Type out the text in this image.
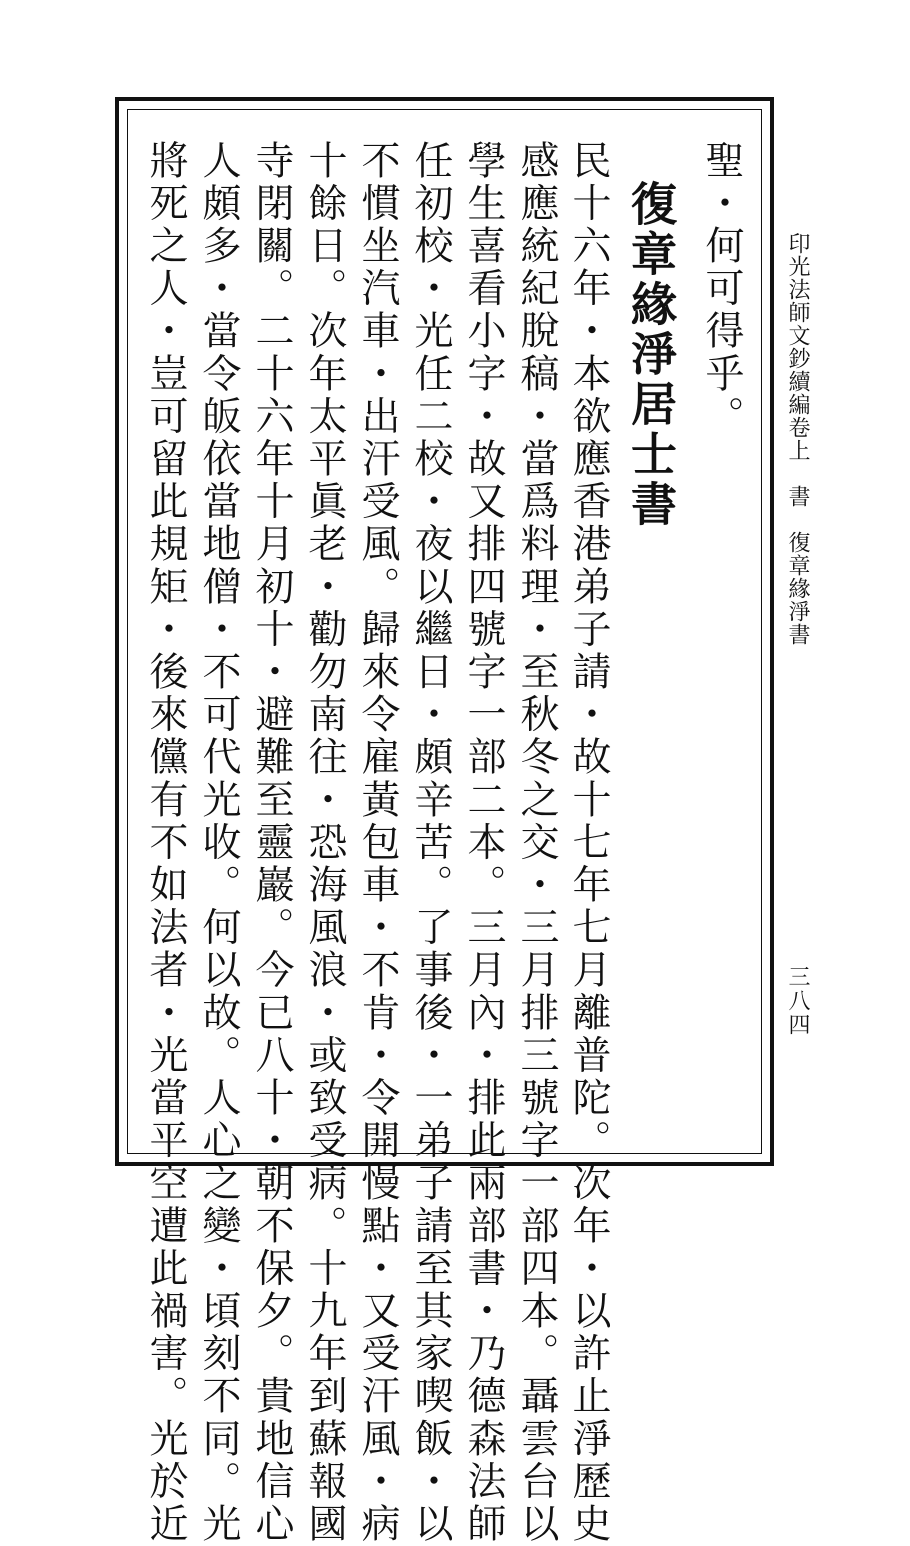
印光法師文鈔續編卷上　書　復章緣淨書
三八四
聖・何可得乎。
復章緣淨居士書
民十六年・本欲應香港弟子請・故十七年七月離普陀。次年・以許止淨歷史
感應統紀脫稿・當爲料理・至秋冬之交・三月排三號字一部四本。聶雲台以
學生喜看小字・故又排四號字一部二本。三月內・排此兩部書・乃德森法師
任初校・光任二校・夜以繼日・頗辛苦。了事後・一弟子請至其家喫飯・以
不慣坐汽車・出汗受風。歸來令雇黃包車・不肯・令開慢點・又受汗風・病
十餘日。次年太平眞老・勸勿南往・恐海風浪・或致受病。十九年到蘇報國
寺閉關。二十六年十月初十・避難至靈巖。今已八十・朝不保夕。貴地信心
人頗多・當令皈依當地僧・不可代光收。何以故。人心之變・頃刻不同。光
將死之人・豈可留此規矩・後來儻有不如法者・光當平空遭此禍害。光於近
